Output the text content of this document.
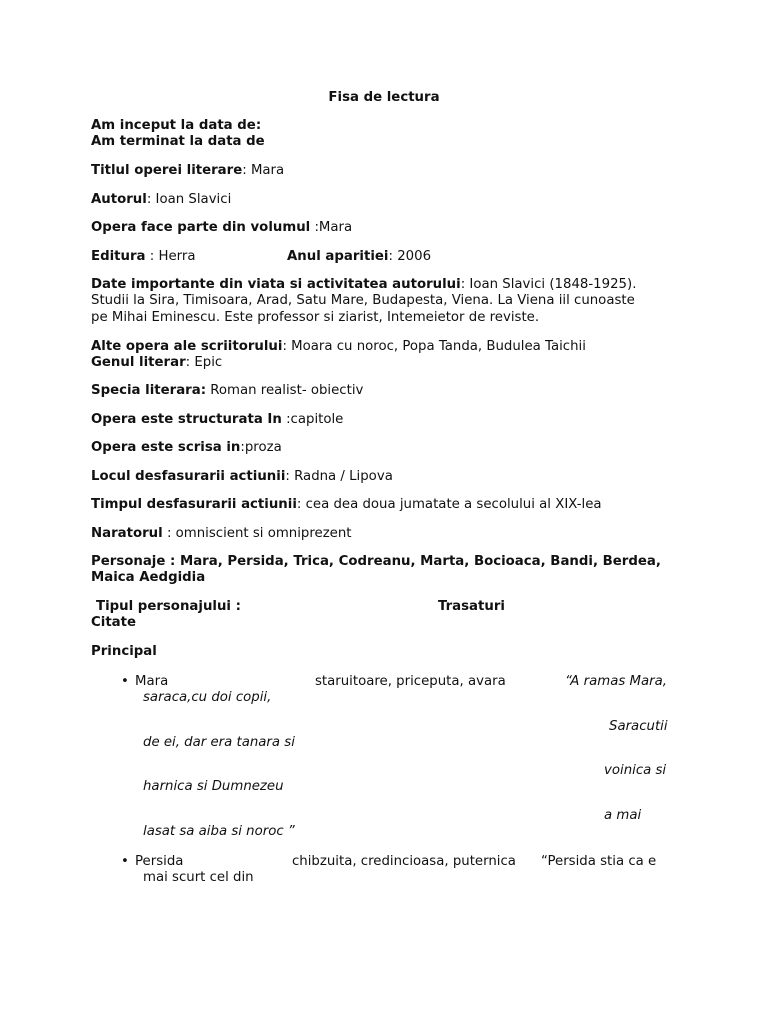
Fisa de lectura
Am inceput la data de:
Am terminat la data de
Titlul operei literare: Mara
Autorul: Ioan Slavici
Opera face parte din volumul :Mara
Editura : Herra	Anul aparitiei: 2006
Date importante din viata si activitatea autorului: Ioan Slavici (1848-1925).
Studii la Sira, Timisoara, Arad, Satu Mare, Budapesta, Viena. La Viena iil cunoaste
pe Mihai Eminescu. Este professor si ziarist, Intemeietor de reviste.
Alte opera ale scriitorului: Moara cu noroc, Popa Tanda, Budulea Taichii
Genul literar: Epic
Specia literara: Roman realist- obiectiv
Opera este structurata In :capitole
Opera este scrisa in:proza
Locul desfasurarii actiunii: Radna / Lipova
Timpul desfasurarii actiunii: cea dea doua jumatate a secolului al XIX-lea
Naratorul : omniscient si omniprezent
Personaje : Mara, Persida, Trica, Codreanu, Marta, Bocioaca, Bandi, Berdea,
Maica Aedgidia
Tipul personajului :	Trasaturi
Citate
Principal
• Mara	staruitoare, priceputa, avara	“A ramas Mara,
saraca,cu doi copii,
Saracutii
de ei, dar era tanara si
voinica si
harnica si Dumnezeu
a mai
lasat sa aiba si noroc ”
• Persida	chibzuita, credincioasa, puternica “Persida stia ca e
mai scurt cel din
